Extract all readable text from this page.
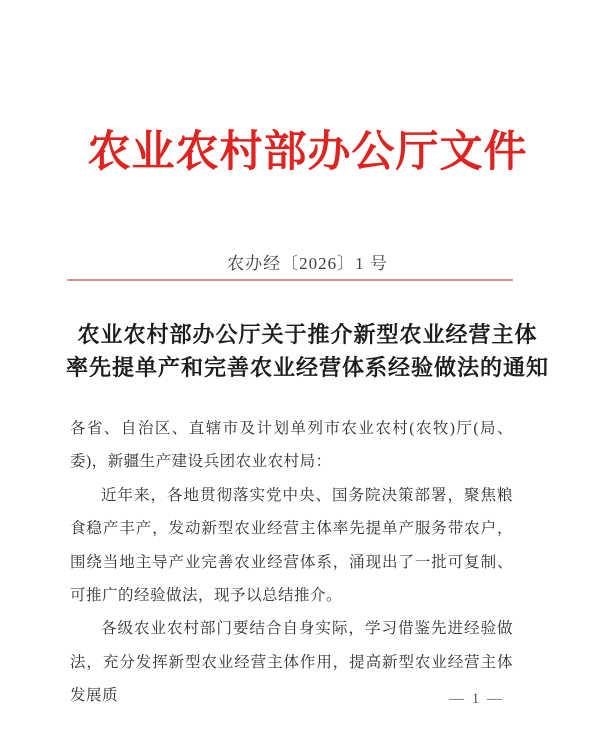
农业农村部办公厅文件
农办经〔2026〕1 号
农业农村部办公厅关于推介新型农业经营主体
率先提单产和完善农业经营体系经验做法的通知

各省、自治区、直辖市及计划单列市农业农村(农牧)厅(局、委)，新疆生产建设兵团农业农村局：

近年来，各地贯彻落实党中央、国务院决策部署，聚焦粮食稳产丰产，发动新型农业经营主体率先提单产服务带农户，围绕当地主导产业完善农业经营体系，涌现出了一批可复制、可推广的经验做法，现予以总结推介。

各级农业农村部门要结合自身实际，学习借鉴先进经验做法，充分发挥新型农业经营主体作用，提高新型农业经营主体发展质	— 1 —
